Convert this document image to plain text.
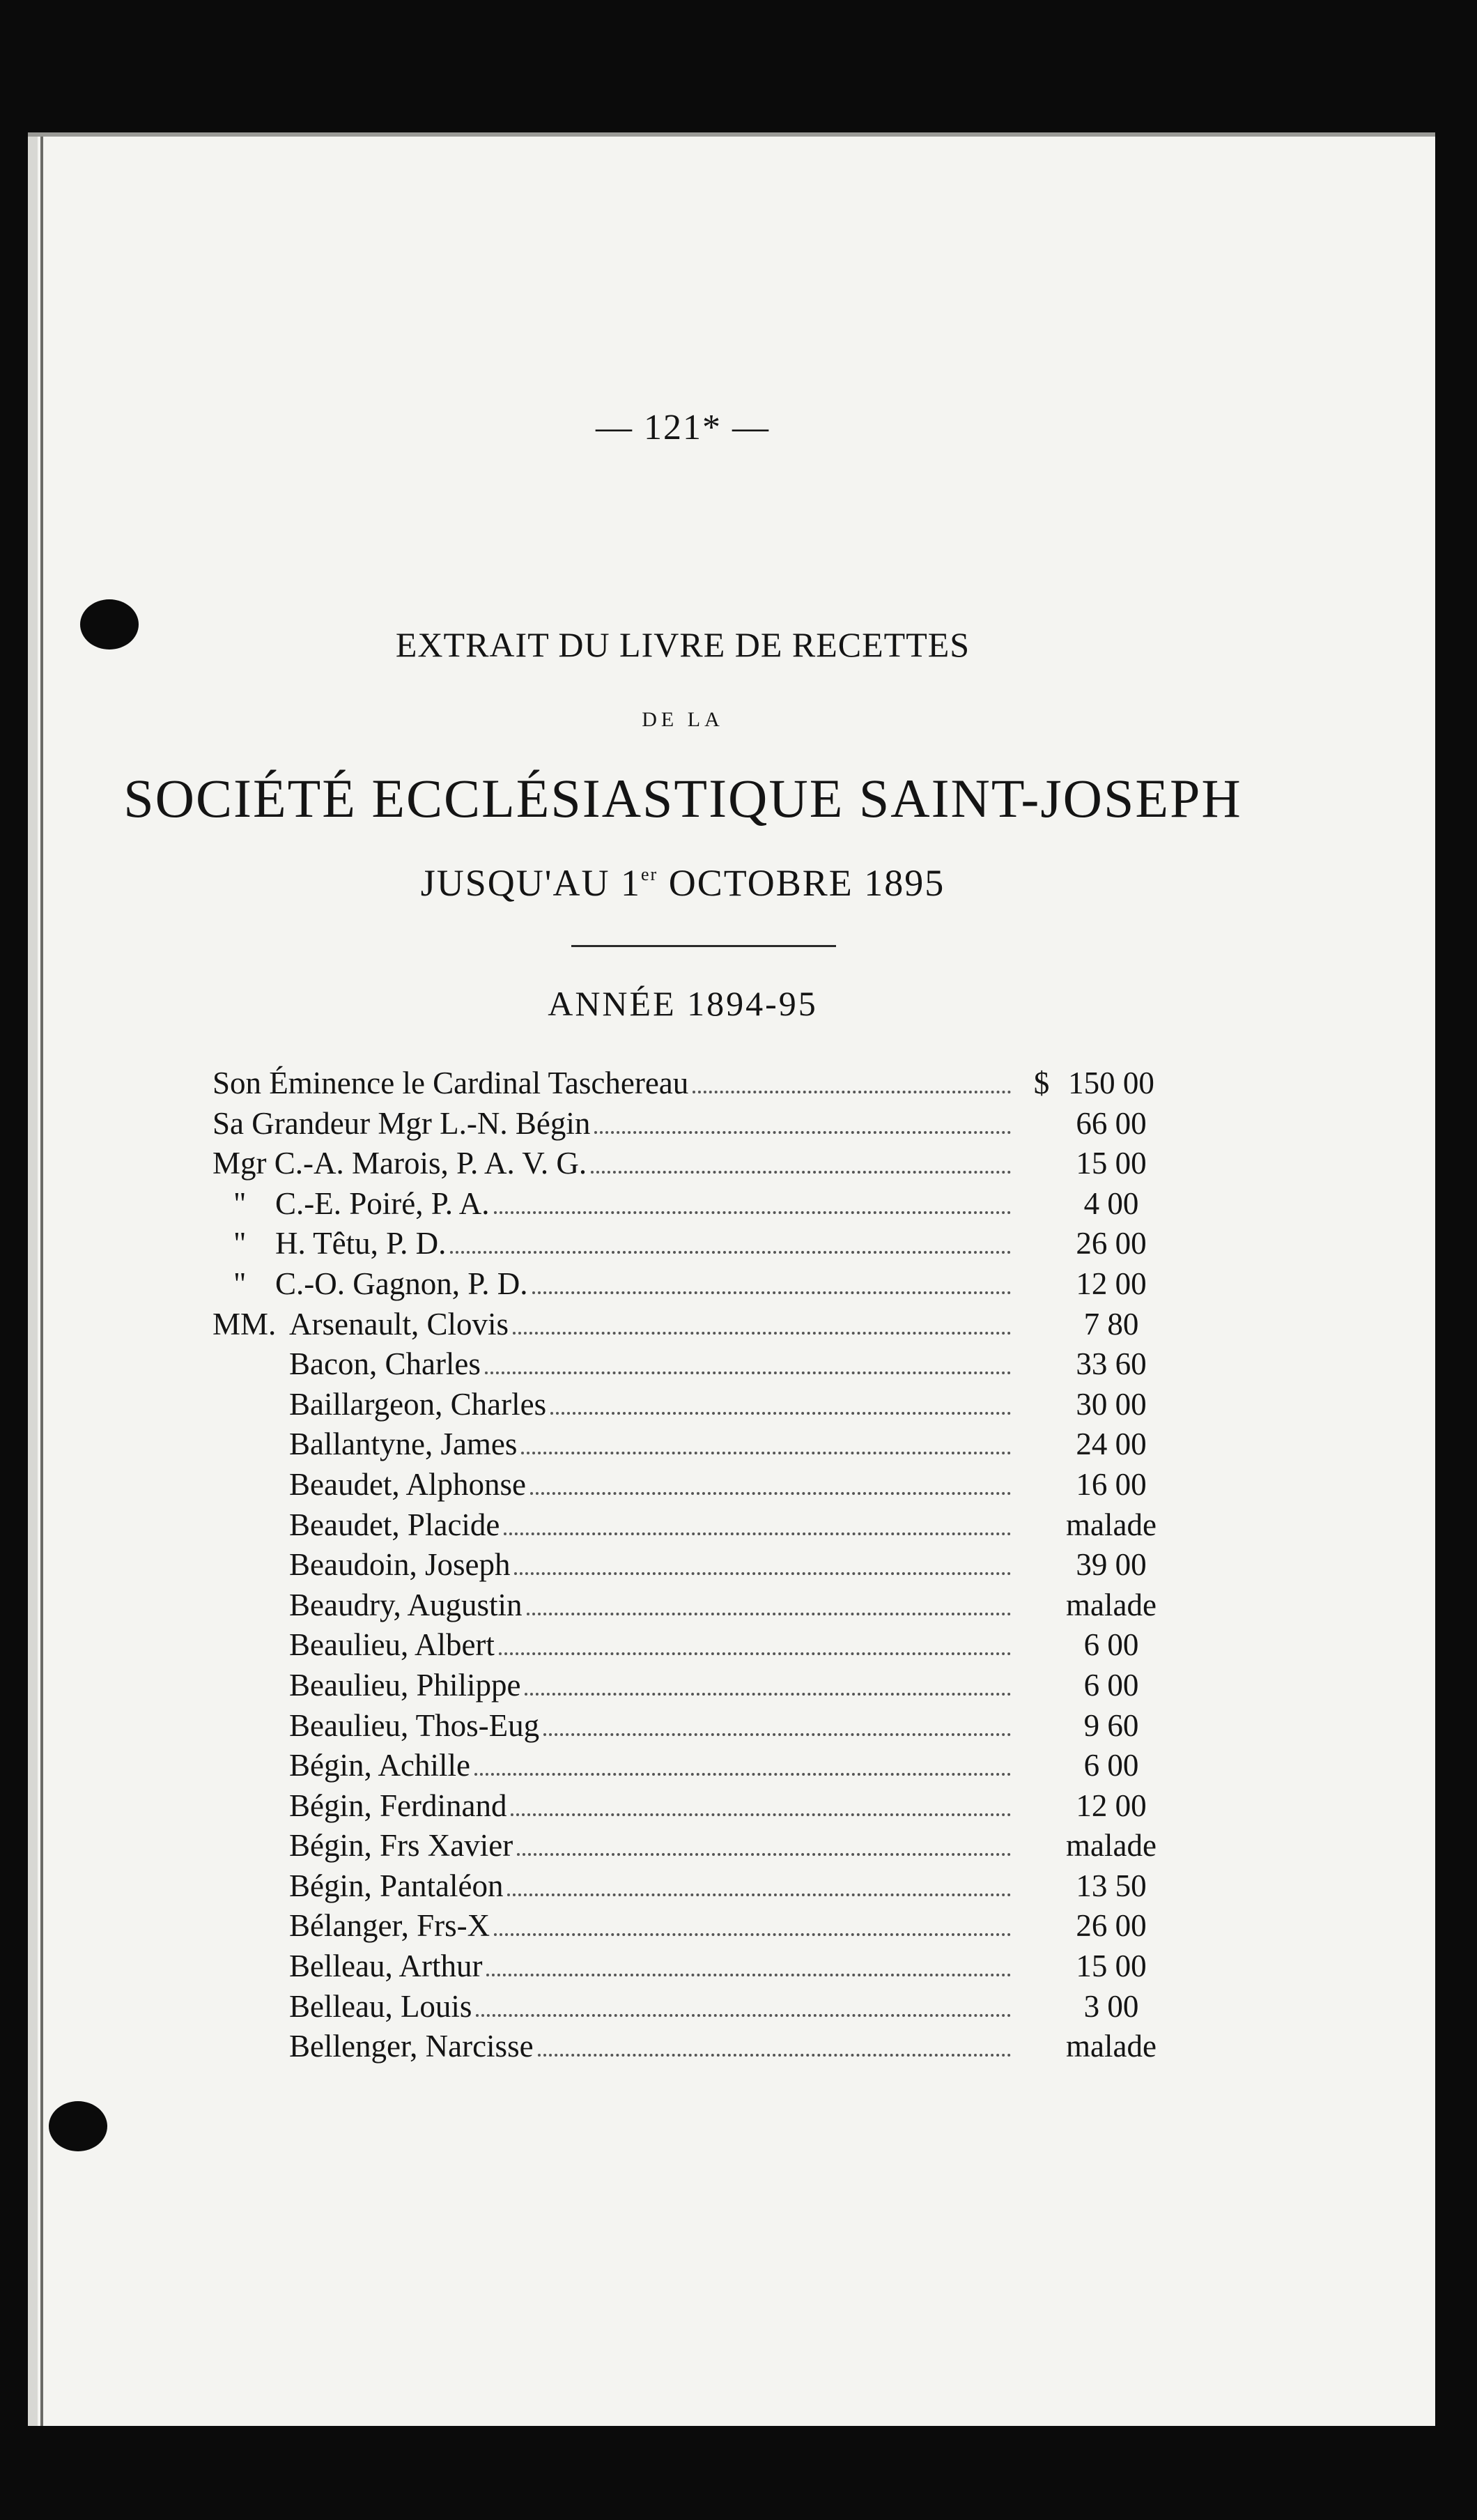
— 121* —
EXTRAIT DU LIVRE DE RECETTES
DE LA
SOCIÉTÉ ECCLÉSIASTIQUE SAINT-JOSEPH
JUSQU'AU 1er OCTOBRE 1895
ANNÉE 1894-95
Son Éminence le Cardinal Taschereau	$ 150 00
Sa Grandeur Mgr L.-N. Bégin	66 00
Mgr C.-A. Marois, P. A. V. G.	15 00
" C.-E. Poiré, P. A.	4 00
" H. Têtu, P. D.	26 00
" C.-O. Gagnon, P. D.	12 00
MM. Arsenault, Clovis	7 80
Bacon, Charles	33 60
Baillargeon, Charles	30 00
Ballantyne, James	24 00
Beaudet, Alphonse	16 00
Beaudet, Placide	malade
Beaudoin, Joseph	39 00
Beaudry, Augustin	malade
Beaulieu, Albert	6 00
Beaulieu, Philippe	6 00
Beaulieu, Thos-Eug	9 60
Bégin, Achille	6 00
Bégin, Ferdinand	12 00
Bégin, Frs Xavier	malade
Bégin, Pantaléon	13 50
Bélanger, Frs-X	26 00
Belleau, Arthur	15 00
Belleau, Louis	3 00
Bellenger, Narcisse	malade
